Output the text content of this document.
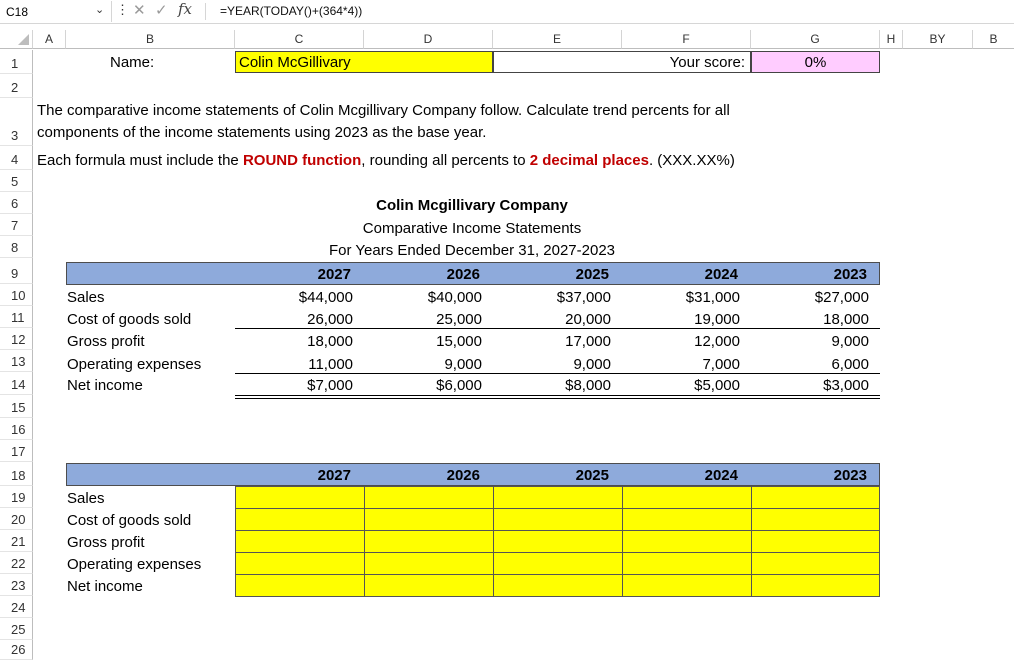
C18	⌄ ⋮ ✕ ✓ fx =YEAR(TODAY()+(364*4))
A	B	C	D	E	F	G	H	BY	B
1
2
3
4
5
6
7
8
9
10
11
12
13
14
15
16
17
18
19
20
21
22
23
24
25
26
Name:	Colin McGillivary	Your score:	0%
The comparative income statements of Colin Mcgillivary Company follow. Calculate trend percents for all
components of the income statements using 2023 as the base year.
Each formula must include the ROUND function, rounding all percents to 2 decimal places. (XXX.XX%)
Colin Mcgillivary Company
Comparative Income Statements
For Years Ended December 31, 2027-2023
2027	2026	2025	2024	2023
Sales	$44,000	$40,000	$37,000	$31,000	$27,000
Cost of goods sold	26,000	25,000	20,000	19,000	18,000
Gross profit	18,000	15,000	17,000	12,000	9,000
Operating expenses	11,000	9,000	9,000	7,000	6,000
Net income	$7,000	$6,000	$8,000	$5,000	$3,000
2027	2026	2025	2024	2023
Sales
Cost of goods sold
Gross profit
Operating expenses
Net income
